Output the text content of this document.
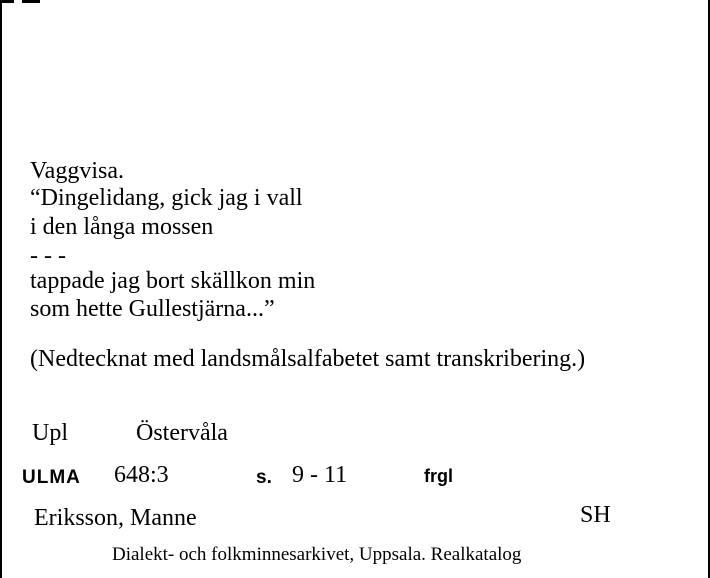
Vaggvisa.
“Dingelidang, gick jag i vall
i den långa mossen
- - -
tappade jag bort skällkon min
som hette Gullestjärna...”
(Nedtecknat med landsmålsalfabetet samt transkribering.)
Upl	Östervåla
ULMA 648:3	s. 9 - 11	frgl
Eriksson, Manne	SH
Dialekt- och folkminnesarkivet, Uppsala. Realkatalog
